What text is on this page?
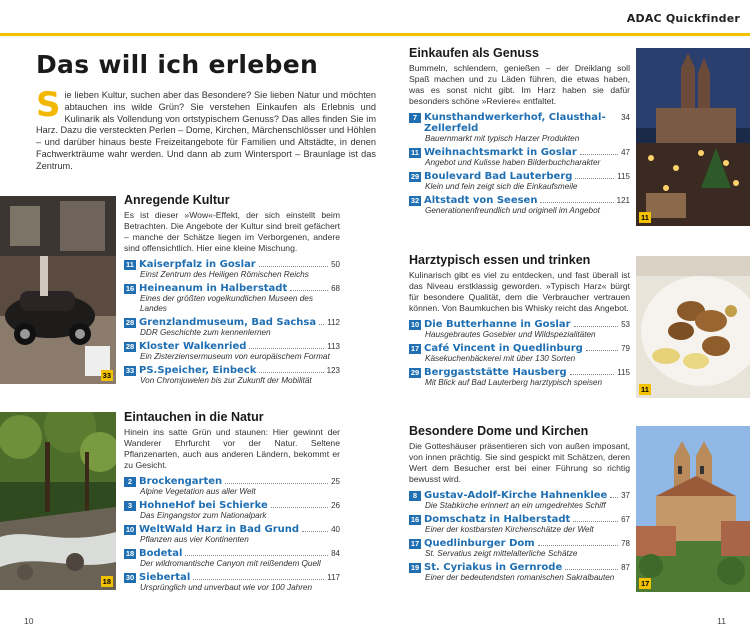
ADAC Quickfinder
Das will ich erleben
Sie lieben Kultur, suchen aber das Besondere? Sie lieben Natur und möchten abtauchen ins wilde Grün? Sie verstehen Einkaufen als Erlebnis und Kulinarik als Vollendung von ortstypischem Genuss? Das alles finden Sie im Harz. Dazu die versteckten Perlen – Dome, Kirchen, Märchenschlösser und Höhlen – und darüber hinaus beste Freizeitangebote für Familien und Altstädte, in denen Fachwerkträume wahr werden. Und dann ab zum Wintersport – Braunlage ist das Zentrum.
33
Anregende Kultur
Es ist dieser »Wow«-Effekt, der sich einstellt beim Betrachten. Die Angebote der Kultur sind breit gefächert – manche der Schätze liegen im Verborgenen, andere sind offensichtlich. Hier eine kleine Mischung.
11 Kaiserpfalz in Goslar	50
Einst Zentrum des Heiligen Römischen Reichs
16 Heineanum in Halberstadt	68
Eines der größten vogelkundlichen Museen des Landes
28 Grenzlandmuseum, Bad Sachsa 112
DDR Geschichte zum kennenlernen
28 Kloster Walkenried	113
Ein Zisterziensermuseum von europäischem Format
33 PS.Speicher, Einbeck	123
Von Chromjuwelen bis zur Zukunft der Mobilität
18
Eintauchen in die Natur
Hinein ins satte Grün und staunen: Hier gewinnt der Wanderer Ehrfurcht vor der Natur. Seltene Pflanzenarten, auch aus anderen Ländern, bekommt er zu Gesicht.
2 Brockengarten	25
Alpine Vegetation aus aller Welt
3 HohneHof bei Schierke	26
Das Eingangstor zum Nationalpark
10 WeltWald Harz in Bad Grund	40
Pflanzen aus vier Kontinenten
18 Bodetal	84
Der wildromantische Canyon mit reißendem Quell
30 Siebertal	117
Ursprünglich und unverbaut wie vor 100 Jahren
Einkaufen als Genuss
Bummeln, schlendern, genießen – der Dreiklang soll Spaß machen und zu Läden führen, die etwas haben, was es sonst nicht gibt. Im Harz haben sie dafür besonders schöne »Reviere« entfaltet.
7 Kunsthandwerkerhof, Clausthal-Zellerfeld
34
Bauernmarkt mit typisch Harzer Produkten
11 Weihnachtsmarkt in Goslar	47
Angebot und Kulisse haben Bilderbuchcharakter
29 Boulevard Bad Lauterberg	115
Klein und fein zeigt sich die Einkaufsmeile
32 Altstadt von Seesen	121
Generationenfreundlich und originell im Angebot
11
Harztypisch essen und trinken
Kulinarisch gibt es viel zu entdecken, und fast überall ist das Niveau erstklassig geworden. »Typisch Harz« bürgt für besondere Qualität, dem die Verbraucher vertrauen können. Von Baumkuchen bis Whisky reicht das Angebot.
10 Die Butterhanne in Goslar	53
Hausgebrautes Gosebier und Wildspezialitäten
17 Café Vincent in Quedlinburg	79
Käsekuchenbäckerei mit über 130 Sorten
29 Berggaststätte Hausberg	115
Mit Blick auf Bad Lauterberg harztypisch speisen
11
Besondere Dome und Kirchen
Die Gotteshäuser präsentieren sich von außen imposant, von innen prächtig. Sie sind gespickt mit Schätzen, deren Wert dem Besucher erst bei einer Führung so richtig bewusst wird.
8 Gustav-Adolf-Kirche Hahnenklee 37
Die Stabkirche erinnert an ein umgedrehtes Schiff
16 Domschatz in Halberstadt	67
Einer der kostbarsten Kirchenschätze der Welt
17 Quedlinburger Dom	78
St. Servatius zeigt mittelalterliche Schätze
19 St. Cyriakus in Gernrode	87
Einer der bedeutendsten romanischen Sakralbauten
17
10	11
